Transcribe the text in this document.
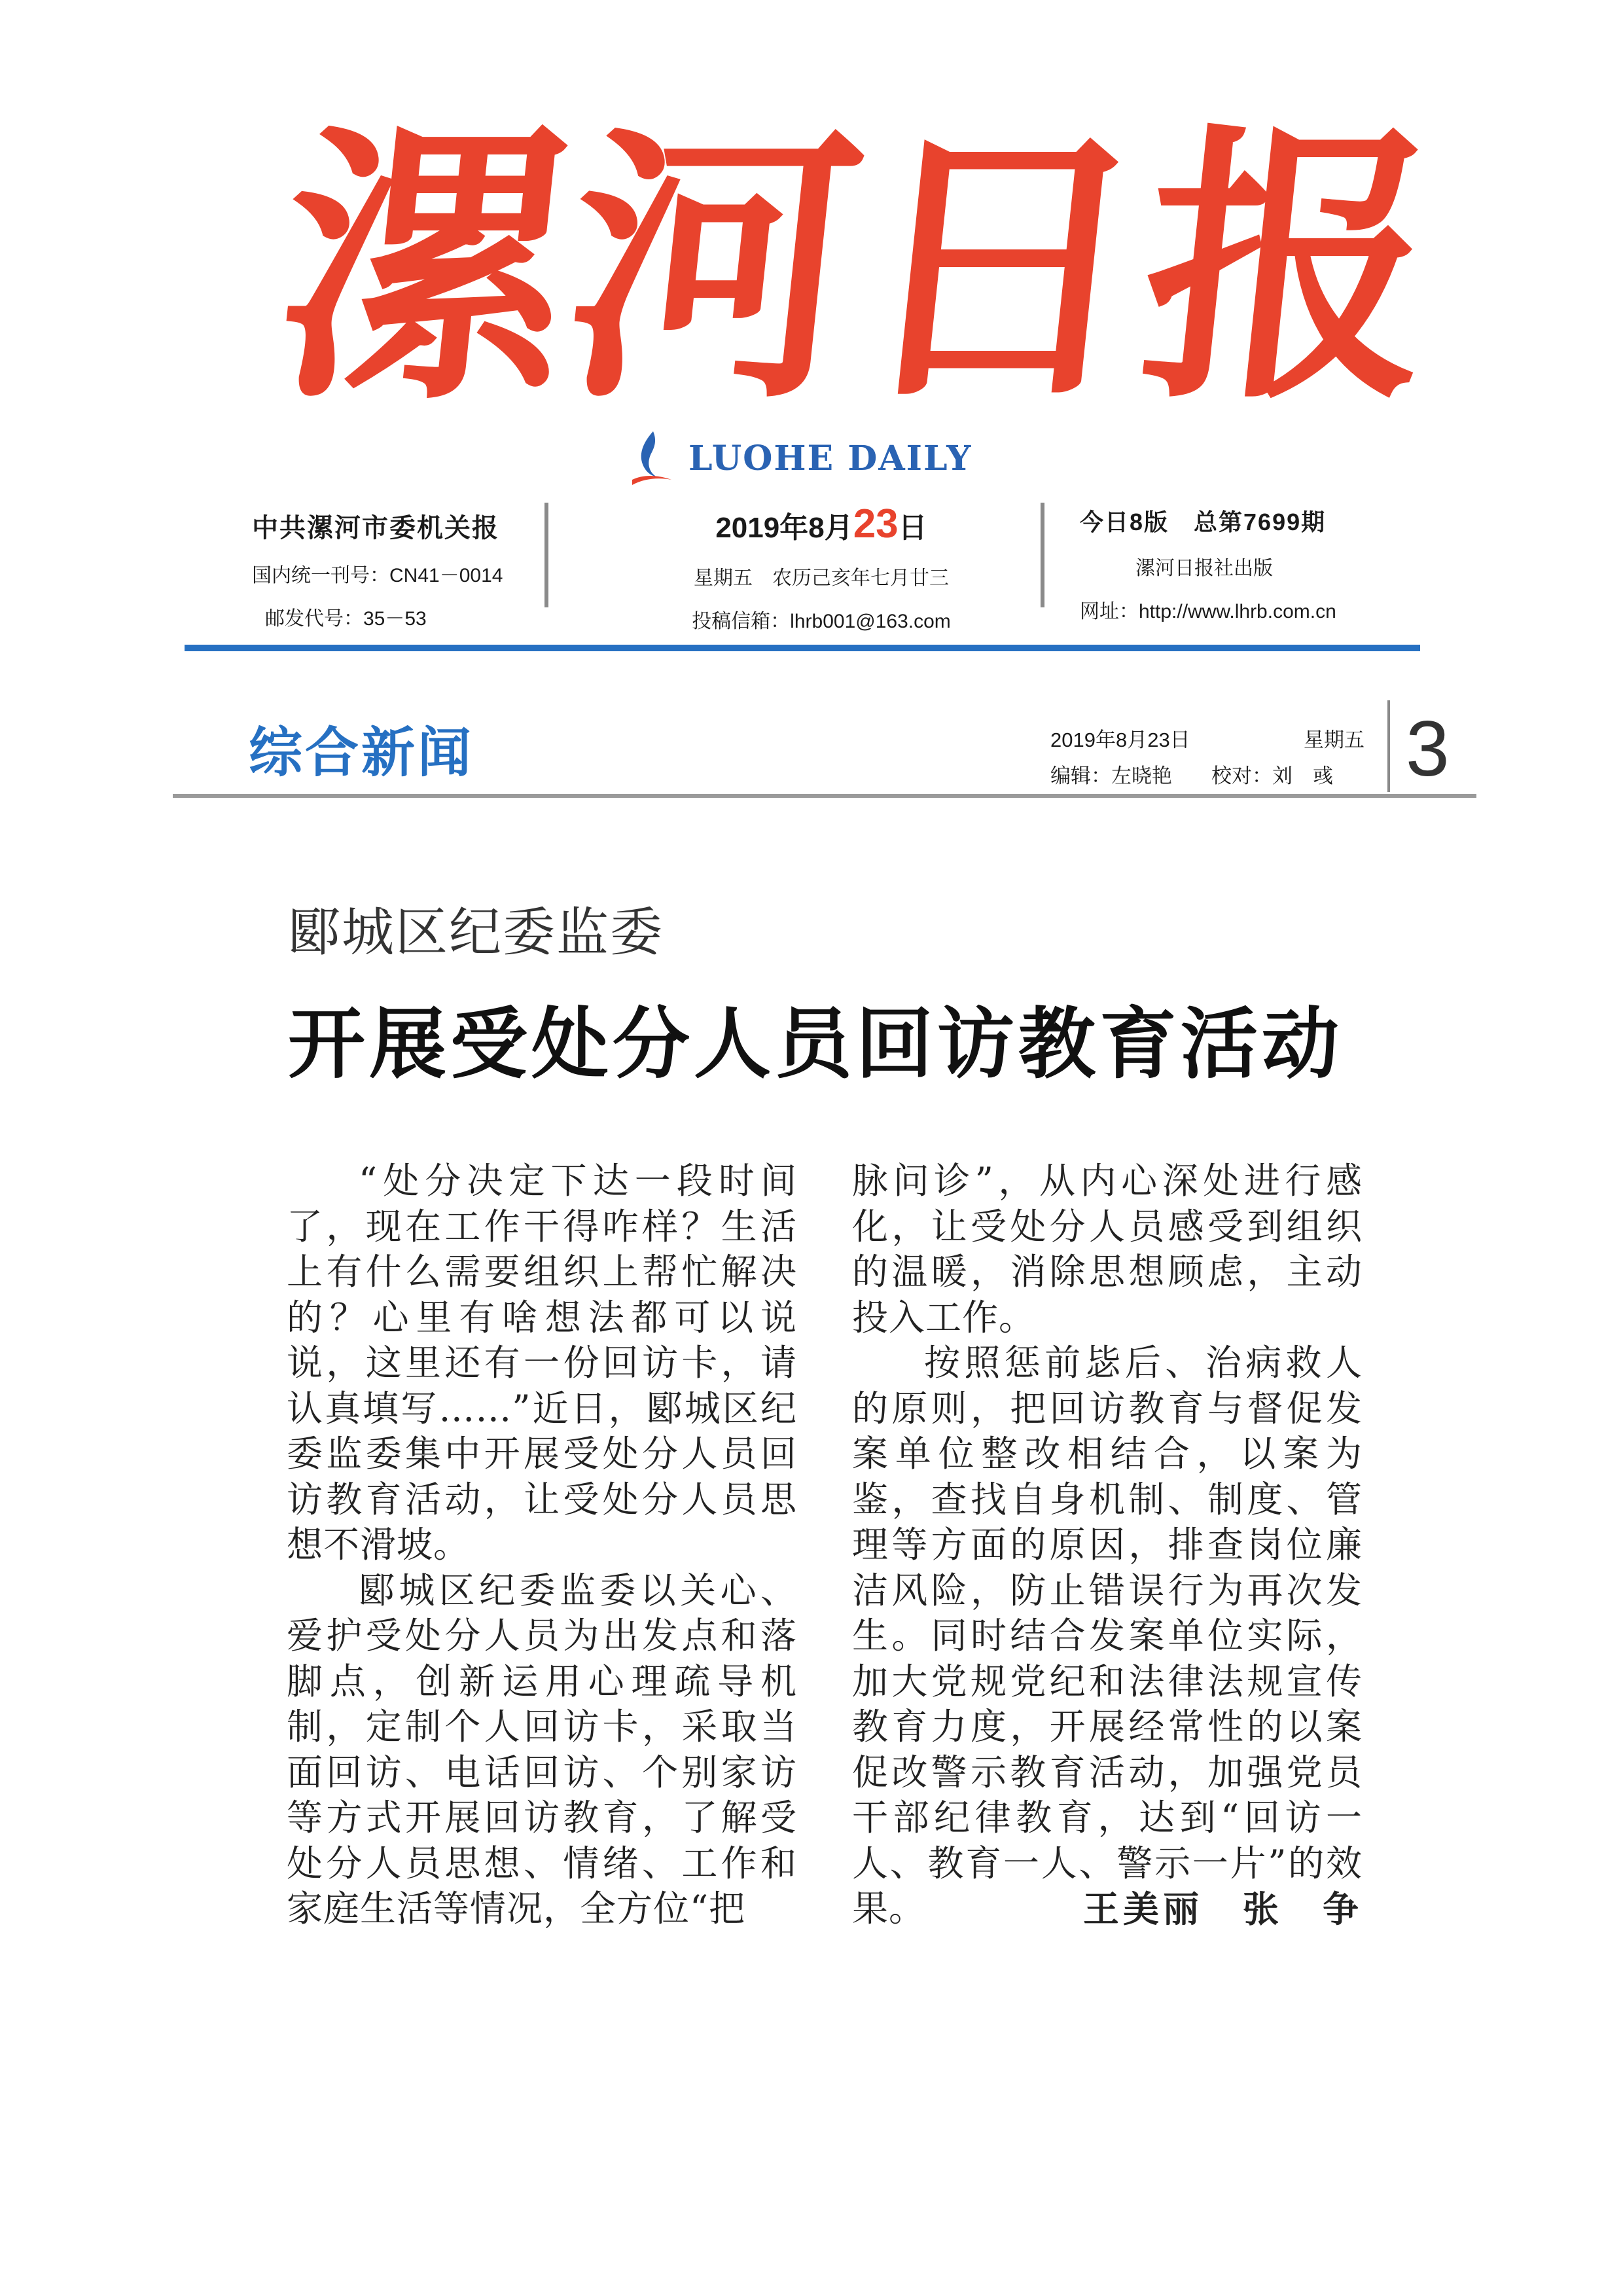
漯
河
日
报
LUOHE DAILY
中共漯河市委机关报
国内统一刊号：CN41－0014
邮发代号：35－53
2019年8月23日
星期五　农历己亥年七月廿三
投稿信箱：lhrb001@163.com
今日8版　总第7699期
漯河日报社出版
网址：http://www.lhrb.com.cn
综合新闻	2019年8月23日	星期五
编辑：左晓艳 校对：刘　彧 3
郾城区纪委监委
开展受处分人员回访教育活动

“处分决定下达一段时间了，现在工作干得咋样？生活上有什么需要组织上帮忙解决的？心里有啥想法都可以说说，这里还有一份回访卡，请认真填写……”近日，郾城区纪委监委集中开展受处分人员回访教育活动，让受处分人员思想不滑坡。

郾城区纪委监委以关心、爱护受处分人员为出发点和落脚点，创新运用心理疏导机制，定制个人回访卡，采取当面回访、电话回访、个别家访等方式开展回访教育，了解受处分人员思想、情绪、工作和家庭生活等情况，全方位“把

脉问诊”，从内心深处进行感化，让受处分人员感受到组织的温暖，消除思想顾虑，主动投入工作。

按照惩前毖后、治病救人的原则，把回访教育与督促发案单位整改相结合，以案为鉴，查找自身机制、制度、管理等方面的原因，排查岗位廉洁风险，防止错误行为再次发生。同时结合发案单位实际，加大党规党纪和法律法规宣传教育力度，开展经常性的以案促改警示教育活动，加强党员干部纪律教育，达到“回访一人、教育一人、警示一片”的效果。	王美丽　张　争
